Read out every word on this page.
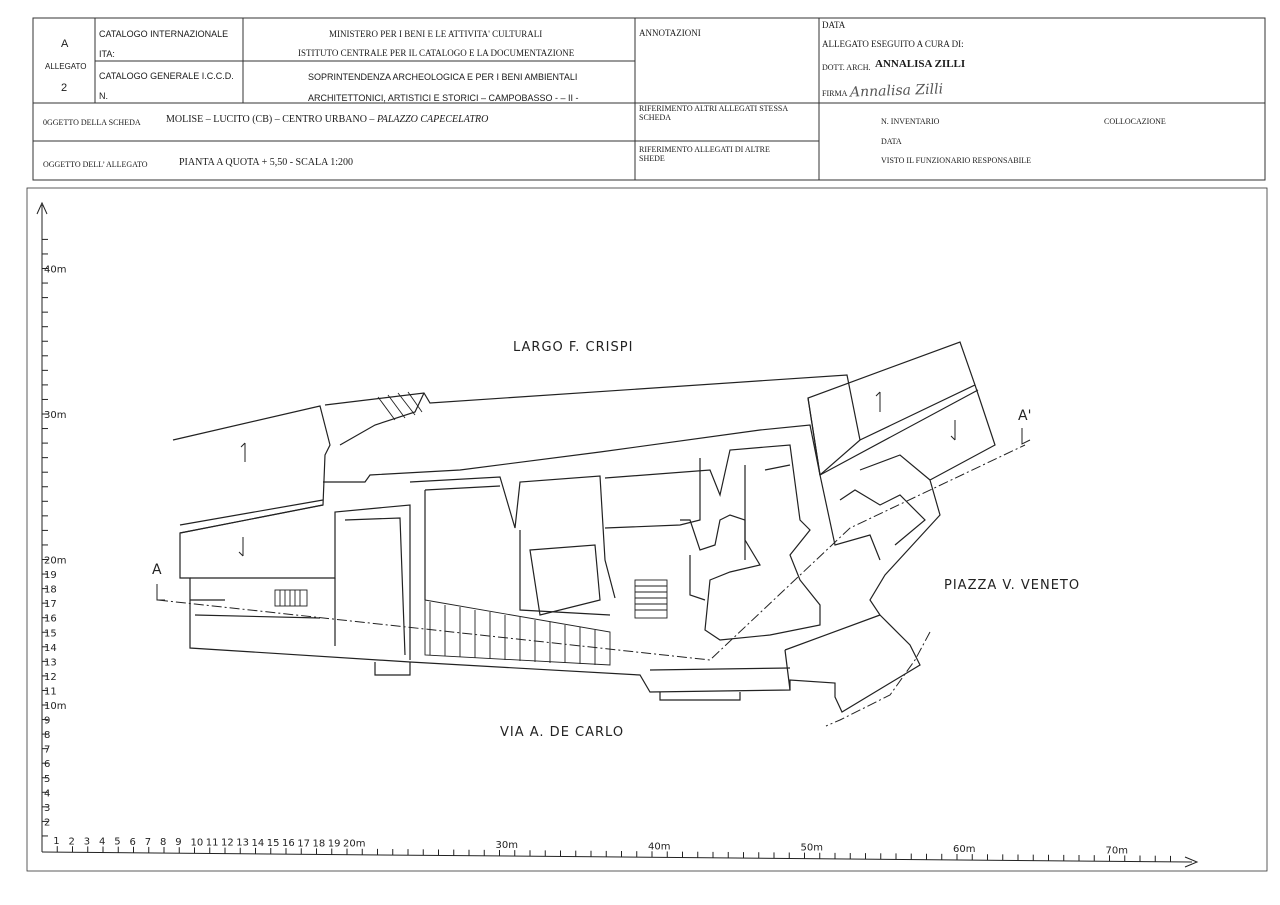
A
ALLEGATO
2
CATALOGO INTERNAZIONALE
ITA:
CATALOGO GENERALE I.C.C.D.
N.
MINISTERO PER I BENI E LE ATTIVITA' CULTURALI
ISTITUTO CENTRALE PER IL CATALOGO E LA DOCUMENTAZIONE
SOPRINTENDENZA ARCHEOLOGICA E PER I BENI AMBIENTALI
ARCHITETTONICI, ARTISTICI E STORICI – CAMPOBASSO - – II -
ANNOTAZIONI
DATA
ALLEGATO ESEGUITO A CURA DI:
DOTT. ARCH. ANNALISA ZILLI
FIRMA Annalisa Zilli
0GGETTO DELLA SCHEDA	MOLISE – LUCITO (CB) – CENTRO URBANO – PALAZZO CAPECELATRO
RIFERIMENTO ALTRI ALLEGATI STESSA
SCHEDA
RIFERIMENTO ALLEGATI DI ALTRE
SHEDE
N. INVENTARIO	COLLOCAZIONE
DATA
VISTO IL FUNZIONARIO RESPONSABILE
OGGETTO DELL’ ALLEGATO	PIANTA A QUOTA + 5,50 - SCALA 1:200
2
3
4
5
6
7
8
9
10m
11
12
13
14
15
16
17
18
19
20m
30m
40m
1 2 3 4 5 6 7 8 9 10 11 12 13 14 15 16 17 18 19 20m	30m	40m	50m	60m	70m
A
A'
LARGO F. CRISPI
PIAZZA V. VENETO
VIA A. DE CARLO
